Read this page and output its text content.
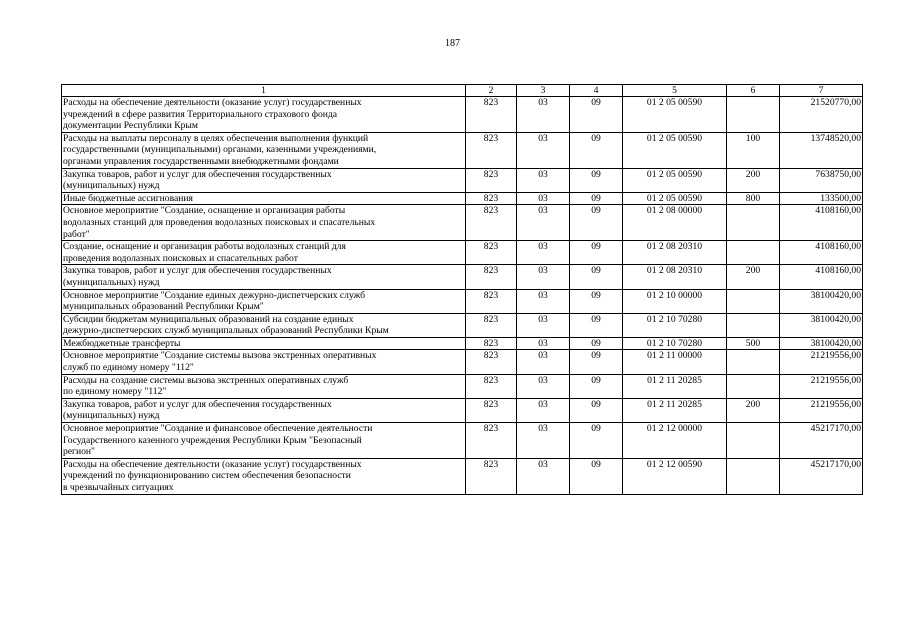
187
1	2	3	4	5	6	7
Расходы на обеспечение деятельности (оказание услуг) государственных
учреждений в сфере развития Территориального страхового фонда
документации Республики Крым	823	03	09	01 2 05 00590		21520770,00
Расходы на выплаты персоналу в целях обеспечения выполнения функций
государственными (муниципальными) органами, казенными учреждениями,
органами управления государственными внебюджетными фондами	823	03	09	01 2 05 00590	100	13748520,00
Закупка товаров, работ и услуг для обеспечения государственных
(муниципальных) нужд	823	03	09	01 2 05 00590	200	7638750,00
Иные бюджетные ассигнования	823	03	09	01 2 05 00590	800	133500,00
Основное мероприятие "Создание, оснащение и организация работы
водолазных станций для проведения водолазных поисковых и спасательных
работ"	823	03	09	01 2 08 00000		4108160,00
Создание, оснащение и организация работы водолазных станций для
проведения водолазных поисковых и спасательных работ	823	03	09	01 2 08 20310		4108160,00
Закупка товаров, работ и услуг для обеспечения государственных
(муниципальных) нужд	823	03	09	01 2 08 20310	200	4108160,00
Основное мероприятие "Создание единых дежурно-диспетчерских служб
муниципальных образований Республики Крым"	823	03	09	01 2 10 00000		38100420,00
Субсидии бюджетам муниципальных образований на создание единых
дежурно-диспетчерских служб муниципальных образований Республики Крым	823	03	09	01 2 10 70280		38100420,00
Межбюджетные трансферты	823	03	09	01 2 10 70280	500	38100420,00
Основное мероприятие "Создание системы вызова экстренных оперативных
служб по единому номеру "112"	823	03	09	01 2 11 00000		21219556,00
Расходы на создание системы вызова экстренных оперативных служб
по единому номеру "112"	823	03	09	01 2 11 20285		21219556,00
Закупка товаров, работ и услуг для обеспечения государственных
(муниципальных) нужд	823	03	09	01 2 11 20285	200	21219556,00
Основное мероприятие "Создание и финансовое обеспечение деятельности
Государственного казенного учреждения Республики Крым "Безопасный
регион"	823	03	09	01 2 12 00000		45217170,00
Расходы на обеспечение деятельности (оказание услуг) государственных
учреждений по функционированию систем обеспечения безопасности
в чрезвычайных ситуациях	823	03	09	01 2 12 00590		45217170,00
